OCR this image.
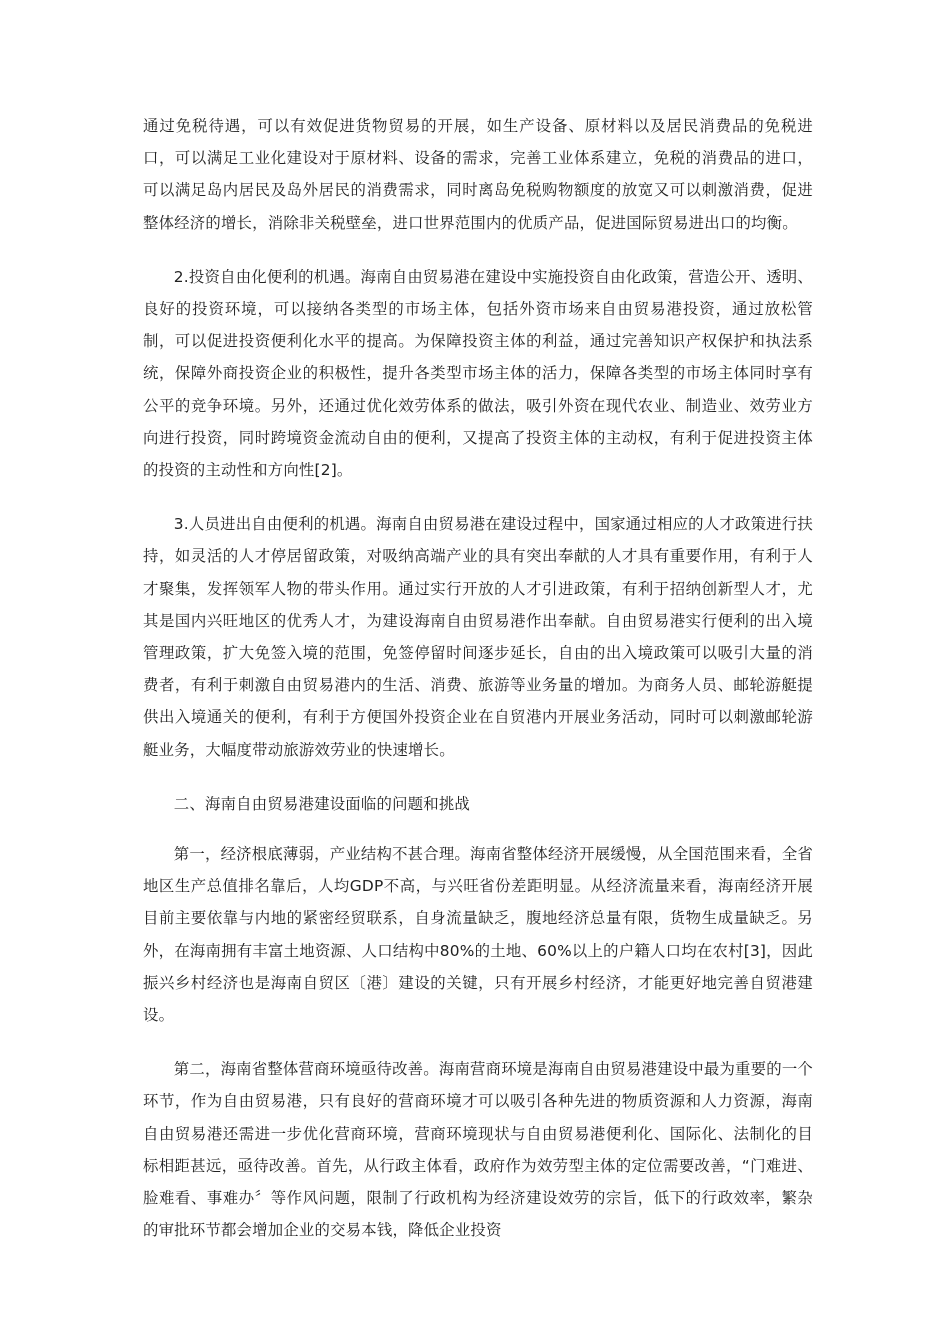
通过免税待遇，可以有效促进货物贸易的开展，如生产设备、原材料以及居民消费品的免税进口，可以满足工业化建设对于原材料、设备的需求，完善工业体系建立，免税的消费品的进口，可以满足岛内居民及岛外居民的消费需求，同时离岛免税购物额度的放宽又可以刺激消费，促进整体经济的增长，消除非关税壁垒，进口世界范围内的优质产品，促进国际贸易进出口的均衡。

2.投资自由化便利的机遇。海南自由贸易港在建设中实施投资自由化政策，营造公开、透明、良好的投资环境，可以接纳各类型的市场主体，包括外资市场来自由贸易港投资，通过放松管制，可以促进投资便利化水平的提高。为保障投资主体的利益，通过完善知识产权保护和执法系统，保障外商投资企业的积极性，提升各类型市场主体的活力，保障各类型的市场主体同时享有公平的竞争环境。另外，还通过优化效劳体系的做法，吸引外资在现代农业、制造业、效劳业方向进行投资，同时跨境资金流动自由的便利，又提高了投资主体的主动权，有利于促进投资主体的投资的主动性和方向性[2]。

3.人员进出自由便利的机遇。海南自由贸易港在建设过程中，国家通过相应的人才政策进行扶持，如灵活的人才停居留政策，对吸纳高端产业的具有突出奉献的人才具有重要作用，有利于人才聚集，发挥领军人物的带头作用。通过实行开放的人才引进政策，有利于招纳创新型人才，尤其是国内兴旺地区的优秀人才，为建设海南自由贸易港作出奉献。自由贸易港实行便利的出入境管理政策，扩大免签入境的范围，免签停留时间逐步延长，自由的出入境政策可以吸引大量的消费者，有利于刺激自由贸易港内的生活、消费、旅游等业务量的增加。为商务人员、邮轮游艇提供出入境通关的便利，有利于方便国外投资企业在自贸港内开展业务活动，同时可以刺激邮轮游艇业务，大幅度带动旅游效劳业的快速增长。

二、海南自由贸易港建设面临的问题和挑战

第一，经济根底薄弱，产业结构不甚合理。海南省整体经济开展缓慢，从全国范围来看，全省地区生产总值排名靠后，人均GDP不高，与兴旺省份差距明显。从经济流量来看，海南经济开展目前主要依靠与内地的紧密经贸联系，自身流量缺乏，腹地经济总量有限，货物生成量缺乏。另外，在海南拥有丰富土地资源、人口结构中80%的土地、60%以上的户籍人口均在农村[3]，因此振兴乡村经济也是海南自贸区〔港〕建设的关键，只有开展乡村经济，才能更好地完善自贸港建设。

第二，海南省整体营商环境亟待改善。海南营商环境是海南自由贸易港建设中最为重要的一个环节，作为自由贸易港，只有良好的营商环境才可以吸引各种先进的物质资源和人力资源，海南自由贸易港还需进一步优化营商环境，营商环境现状与自由贸易港便利化、国际化、法制化的目标相距甚远，亟待改善。首先，从行政主体看，政府作为效劳型主体的定位需要改善，“门难进、脸难看、事难办〞等作风问题，限制了行政机构为经济建设效劳的宗旨，低下的行政效率，繁杂的审批环节都会增加企业的交易本钱，降低企业投资
